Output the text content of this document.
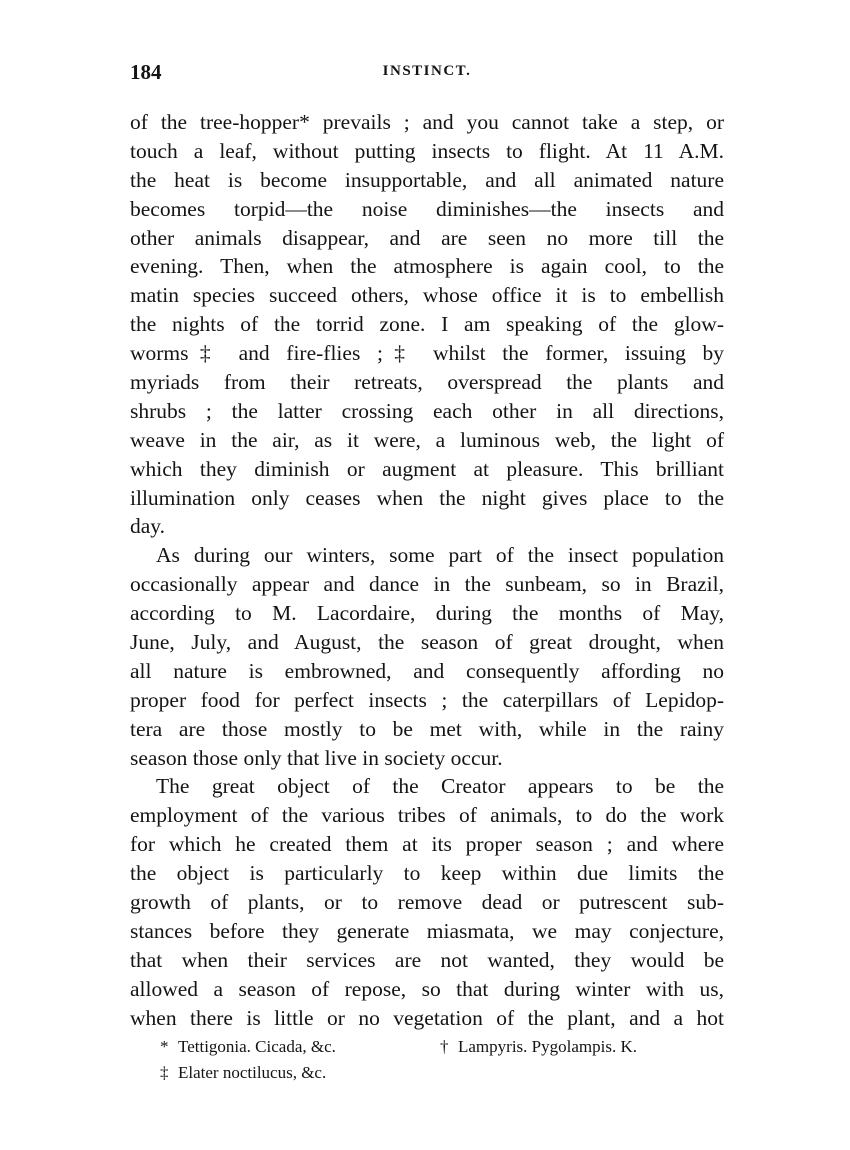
184	INSTINCT.
of the tree-hopper* prevails ; and you cannot take a step, or
touch a leaf, without putting insects to flight. At 11 A.M.
the heat is become insupportable, and all animated nature
becomes torpid—the noise diminishes—the insects and
other animals disappear, and are seen no more till the
evening. Then, when the atmosphere is again cool, to the
matin species succeed others, whose office it is to embellish
the nights of the torrid zone. I am speaking of the glow-
worms‡ and fire-flies ;‡ whilst the former, issuing by
myriads from their retreats, overspread the plants and
shrubs ; the latter crossing each other in all directions,
weave in the air, as it were, a luminous web, the light of
which they diminish or augment at pleasure. This brilliant
illumination only ceases when the night gives place to the
day.
As during our winters, some part of the insect population
occasionally appear and dance in the sunbeam, so in Brazil,
according to M. Lacordaire, during the months of May,
June, July, and August, the season of great drought, when
all nature is embrowned, and consequently affording no
proper food for perfect insects ; the caterpillars of Lepidop-
tera are those mostly to be met with, while in the rainy
season those only that live in society occur.
The great object of the Creator appears to be the
employment of the various tribes of animals, to do the work
for which he created them at its proper season ; and where
the object is particularly to keep within due limits the
growth of plants, or to remove dead or putrescent sub-
stances before they generate miasmata, we may conjecture,
that when their services are not wanted, they would be
allowed a season of repose, so that during winter with us,
when there is little or no vegetation of the plant, and a hot
* Tettigonia. Cicada, &c.	† Lampyris. Pygolampis. K.
‡ Elater noctilucus, &c.
